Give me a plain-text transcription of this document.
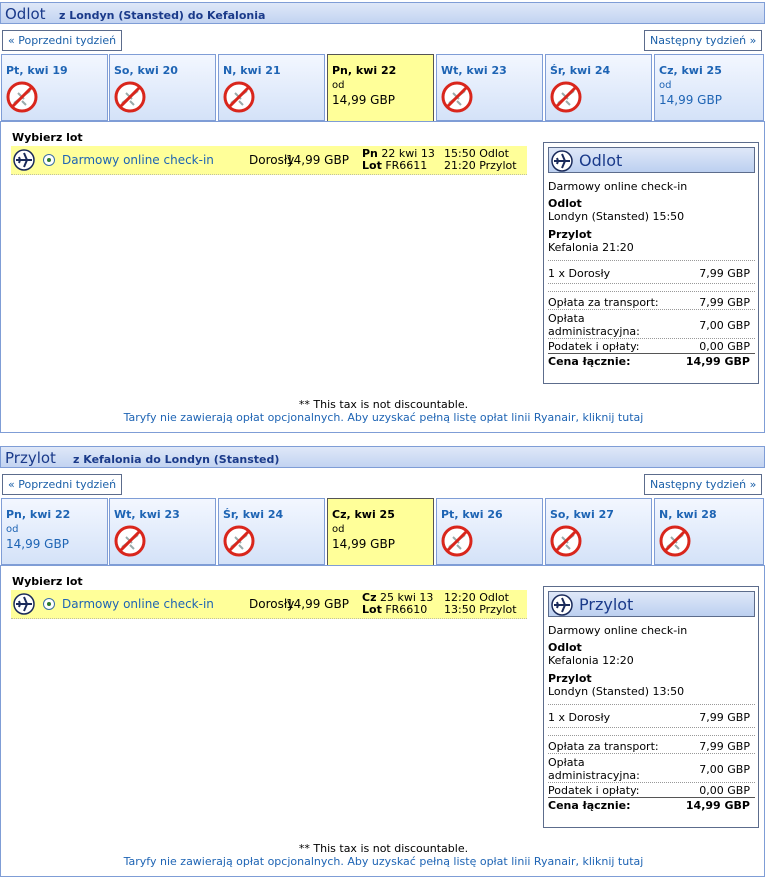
Odlot z Londyn (Stansted) do Kefalonia
« Poprzedni tydzień	Następny tydzień »
Pt, kwi 19	So, kwi 20	N, kwi 21	Pn, kwi 22
od
14,99 GBP
Wt, kwi 23	Śr, kwi 24	Cz, kwi 25
od
14,99 GBP
Wybierz lot
Darmowy online check-in	Dorosły
14,99 GBP Pn 22 kwi 13
Lot FR6611
15:50 Odlot
21:20 Przylot	Odlot
Darmowy online check-in
Odlot
Londyn (Stansted) 15:50
Przylot
Kefalonia 21:20
1 x Dorosły	7,99 GBP
Opłata za transport:	7,99 GBP
Opłata
administracyjna:	7,00 GBP
Podatek i opłaty:	0,00 GBP
Cena łącznie:	14,99 GBP
** This tax is not discountable.
Taryfy nie zawierają opłat opcjonalnych. Aby uzyskać pełną listę opłat linii Ryanair, kliknij tutaj
Przylot z Kefalonia do Londyn (Stansted)
« Poprzedni tydzień	Następny tydzień »
Pn, kwi 22
od
14,99 GBP
Wt, kwi 23	Śr, kwi 24	Cz, kwi 25
od
14,99 GBP
Pt, kwi 26	So, kwi 27	N, kwi 28
Wybierz lot
Darmowy online check-in	Dorosły
14,99 GBP Cz 25 kwi 13
Lot FR6610
12:20 Odlot
13:50 Przylot	Przylot
Darmowy online check-in
Odlot
Kefalonia 12:20
Przylot
Londyn (Stansted) 13:50
1 x Dorosły	7,99 GBP
Opłata za transport:	7,99 GBP
Opłata
administracyjna:	7,00 GBP
Podatek i opłaty:	0,00 GBP
Cena łącznie:	14,99 GBP
** This tax is not discountable.
Taryfy nie zawierają opłat opcjonalnych. Aby uzyskać pełną listę opłat linii Ryanair, kliknij tutaj
